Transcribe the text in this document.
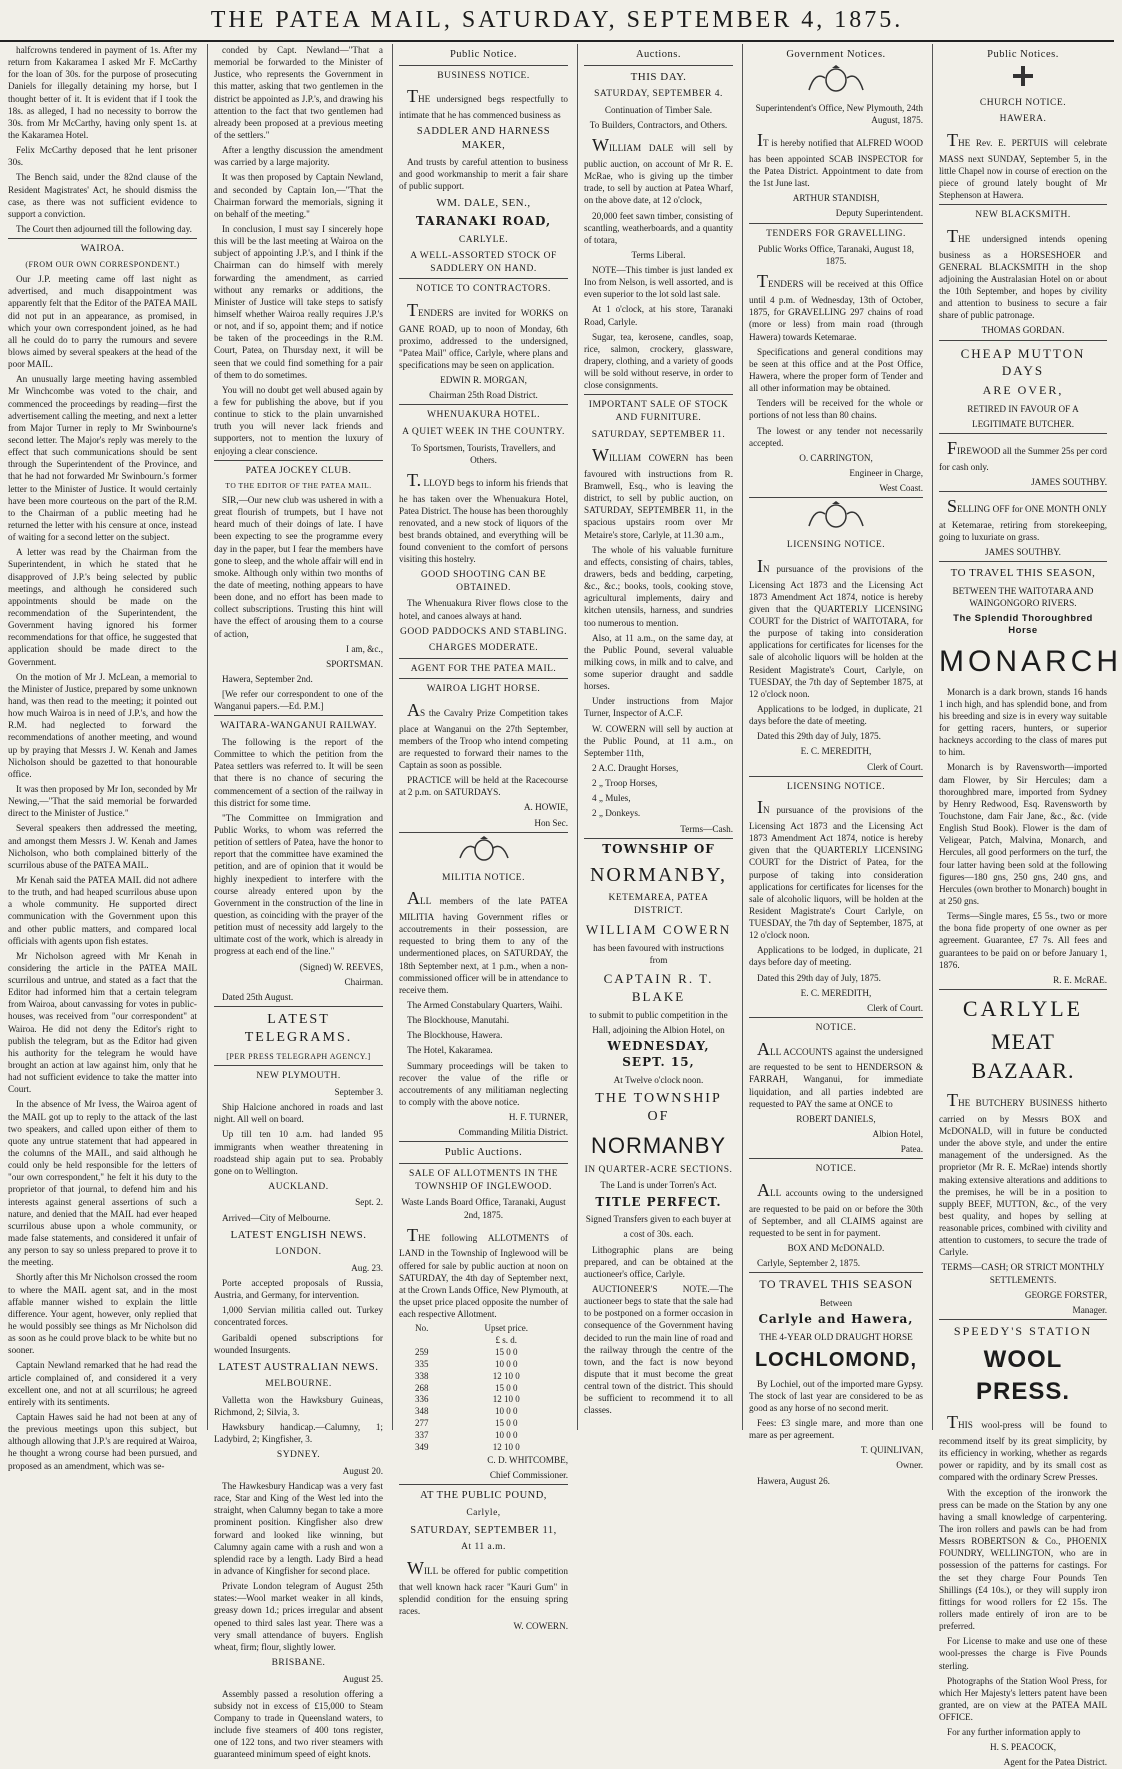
THE PATEA MAIL, SATURDAY, SEPTEMBER 4, 1875.

halfcrowns tendered in payment of 1s. After my return from Kakaramea I asked Mr F. McCarthy for the loan of 30s. for the purpose of prosecuting Daniels for illegally detaining my horse, but I thought better of it. It is evident that if I took the 18s. as alleged, I had no necessity to borrow the 30s. from Mr McCarthy, having only spent 1s. at the Kakaramea Hotel.

Felix McCarthy deposed that he lent prisoner 30s.

The Bench said, under the 82nd clause of the Resident Magistrates' Act, he should dismiss the case, as there was not sufficient evidence to support a conviction.

The Court then adjourned till the following day.

WAIROA.
(FROM OUR OWN CORRESPONDENT.)

Our J.P. meeting came off last night as advertised, and much disappointment was apparently felt that the Editor of the PATEA MAIL did not put in an appearance, as promised, in which your own correspondent joined, as he had all he could do to parry the rumours and severe blows aimed by several speakers at the head of the poor MAIL.

An unusually large meeting having assembled Mr Winchcombe was voted to the chair, and commenced the proceedings by reading—first the advertisement calling the meeting, and next a letter from Major Turner in reply to Mr Swinbourne's second letter. The Major's reply was merely to the effect that such communications should be sent through the Superintendent of the Province, and that he had not forwarded Mr Swinbourn.'s former letter to the Minister of Justice. It would certainly have been more courteous on the part of the R.M. to the Chairman of a public meeting had he returned the letter with his censure at once, instead of waiting for a second letter on the subject.

A letter was read by the Chairman from the Superintendent, in which he stated that he disapproved of J.P.'s being selected by public meetings, and although he considered such appointments should be made on the recommendation of the Superintendent, the Government having ignored his former recommendations for that office, he suggested that application should be made direct to the Government.

On the motion of Mr J. McLean, a memorial to the Minister of Justice, prepared by some unknown hand, was then read to the meeting; it pointed out how much Wairoa is in need of J.P.'s, and how the R.M. had neglected to forward the recommendations of another meeting, and wound up by praying that Messrs J. W. Kenah and James Nicholson should be gazetted to that honourable office.

It was then proposed by Mr Ion, seconded by Mr Newing,—"That the said memorial be forwarded direct to the Minister of Justice."

Several speakers then addressed the meeting, and amongst them Messrs J. W. Kenah and James Nicholson, who both complained bitterly of the scurrilous abuse of the PATEA MAIL.

Mr Kenah said the PATEA MAIL did not adhere to the truth, and had heaped scurrilous abuse upon a whole community. He supported direct communication with the Government upon this and other public matters, and compared local officials with agents upon fish estates.

Mr Nicholson agreed with Mr Kenah in considering the article in the PATEA MAIL scurrilous and untrue, and stated as a fact that the Editor had informed him that a certain telegram from Wairoa, about canvassing for votes in public-houses, was received from "our correspondent" at Wairoa. He did not deny the Editor's right to publish the telegram, but as the Editor had given his authority for the telegram he would have brought an action at law against him, only that he had not sufficient evidence to take the matter into Court.

In the absence of Mr Ivess, the Wairoa agent of the MAIL got up to reply to the attack of the last two speakers, and called upon either of them to quote any untrue statement that had appeared in the columns of the MAIL, and said although he could only be held responsible for the letters of "our own correspondent," he felt it his duty to the proprietor of that journal, to defend him and his interests against general assertions of such a nature, and denied that the MAIL had ever heaped scurrilous abuse upon a whole community, or made false statements, and considered it unfair of any person to say so unless prepared to prove it to the meeting.

Shortly after this Mr Nicholson crossed the room to where the MAIL agent sat, and in the most affable manner wished to explain the little difference. Your agent, however, only replied that he would possibly see things as Mr Nicholson did as soon as he could prove black to be white but no sooner.

Captain Newland remarked that he had read the article complained of, and considered it a very excellent one, and not at all scurrilous; he agreed entirely with its sentiments.

Captain Hawes said he had not been at any of the previous meetings upon this subject, but although allowing that J.P.'s are required at Wairoa, he thought a wrong course had been pursued, and proposed as an amendment, which was se-

conded by Capt. Newland—"That a memorial be forwarded to the Minister of Justice, who represents the Government in this matter, asking that two gentlemen in the district be appointed as J.P.'s, and drawing his attention to the fact that two gentlemen had already been proposed at a previous meeting of the settlers."

After a lengthy discussion the amendment was carried by a large majority.

It was then proposed by Captain Newland, and seconded by Captain Ion,—"That the Chairman forward the memorials, signing it on behalf of the meeting."

In conclusion, I must say I sincerely hope this will be the last meeting at Wairoa on the subject of appointing J.P.'s, and I think if the Chairman can do himself with merely forwarding the amendment, as carried without any remarks or additions, the Minister of Justice will take steps to satisfy himself whether Wairoa really requires J.P.'s or not, and if so, appoint them; and if notice be taken of the proceedings in the R.M. Court, Patea, on Thursday next, it will be seen that we could find something for a pair of them to do sometimes.

You will no doubt get well abused again by a few for publishing the above, but if you continue to stick to the plain unvarnished truth you will never lack friends and supporters, not to mention the luxury of enjoying a clear conscience.

PATEA JOCKEY CLUB.
TO THE EDITOR OF THE PATEA MAIL.

SIR,—Our new club was ushered in with a great flourish of trumpets, but I have not heard much of their doings of late. I have been expecting to see the programme every day in the paper, but I fear the members have gone to sleep, and the whole affair will end in smoke. Although only within two months of the date of meeting, nothing appears to have been done, and no effort has been made to collect subscriptions. Trusting this hint will have the effect of arousing them to a course of action,

I am, &c.,

SPORTSMAN.

Hawera, September 2nd.

[We refer our correspondent to one of the Wanganui papers.—Ed. P.M.]

WAITARA-WANGANUI RAILWAY.

The following is the report of the Committee to which the petition from the Patea settlers was referred to. It will be seen that there is no chance of securing the commencement of a section of the railway in this district for some time.

"The Committee on Immigration and Public Works, to whom was referred the petition of settlers of Patea, have the honor to report that the committee have examined the petition, and are of opinion that it would be highly inexpedient to interfere with the course already entered upon by the Government in the construction of the line in question, as coinciding with the prayer of the petition must of necessity add largely to the ultimate cost of the work, which is already in progress at each end of the line."

(Signed) W. REEVES,

Chairman.

Dated 25th August.

LATEST TELEGRAMS.
[PER PRESS TELEGRAPH AGENCY.]
NEW PLYMOUTH.

September 3.

Ship Halcione anchored in roads and last night. All well on board.

Up till ten 10 a.m. had landed 95 immigrants when weather threatening in roadstead ship again put to sea. Probably gone on to Wellington.

AUCKLAND.

Sept. 2.

Arrived—City of Melbourne.

LATEST ENGLISH NEWS.
LONDON.

Aug. 23.

Porte accepted proposals of Russia, Austria, and Germany, for intervention.

1,000 Servian militia called out. Turkey concentrated forces.

Garibaldi opened subscriptions for wounded Insurgents.

LATEST AUSTRALIAN NEWS.
MELBOURNE.

Valletta won the Hawksbury Guineas, Richmond, 2; Silvia, 3.

Hawksbury handicap.—Calumny, 1; Ladybird, 2; Kingfisher, 3.

SYDNEY.

August 20.

The Hawkesbury Handicap was a very fast race, Star and King of the West led into the straight, when Calumny began to take a more prominent position. Kingfisher also drew forward and looked like winning, but Calumny again came with a rush and won a splendid race by a length. Lady Bird a head in advance of Kingfisher for second place.

Private London telegram of August 25th states:—Wool market weaker in all kinds, greasy down 1d.; prices irregular and absent opened to third sales last year. There was a very small attendance of buyers. English wheat, firm; flour, slightly lower.

BRISBANE.

August 25.

Assembly passed a resolution offering a subsidy not in excess of £15,000 to Steam Company to trade in Queensland waters, to include five steamers of 400 tons register, one of 122 tons, and two river steamers with guaranteed minimum speed of eight knots.

Public Notice.
BUSINESS NOTICE.

THE undersigned begs respectfully to intimate that he has commenced business as

SADDLER AND HARNESS MAKER,

And trusts by careful attention to business and good workmanship to merit a fair share of public support.

WM. DALE, SEN.,
TARANAKI ROAD,
CARLYLE.
A WELL-ASSORTED STOCK OF SADDLERY ON HAND.
NOTICE TO CONTRACTORS.

TENDERS are invited for WORKS on GANE ROAD, up to noon of Monday, 6th proximo, addressed to the undersigned, "Patea Mail" office, Carlyle, where plans and specifications may be seen on application.

EDWIN R. MORGAN,

Chairman 25th Road District.

WHENUAKURA HOTEL.
A QUIET WEEK IN THE COUNTRY.

To Sportsmen, Tourists, Travellers, and Others.

T. LLOYD begs to inform his friends that he has taken over the Whenuakura Hotel, Patea District. The house has been thoroughly renovated, and a new stock of liquors of the best brands obtained, and everything will be found convenient to the comfort of persons visiting this hostelry.

GOOD SHOOTING CAN BE OBTAINED.

The Whenuakura River flows close to the hotel, and canoes always at hand.

GOOD PADDOCKS AND STABLING.
CHARGES MODERATE.
AGENT FOR THE PATEA MAIL.
WAIROA LIGHT HORSE.

AS the Cavalry Prize Competition takes place at Wanganui on the 27th September, members of the Troop who intend competing are requested to forward their names to the Captain as soon as possible.

PRACTICE will be held at the Racecourse at 2 p.m. on SATURDAYS.

A. HOWIE,

Hon Sec.

MILITIA NOTICE.

ALL members of the late PATEA MILITIA having Government rifles or accoutrements in their possession, are requested to bring them to any of the undermentioned places, on SATURDAY, the 18th September next, at 1 p.m., when a non-commissioned officer will be in attendance to receive them.

The Armed Constabulary Quarters, Waihi.

The Blockhouse, Manutahi.

The Blockhouse, Hawera.

The Hotel, Kakaramea.

Summary proceedings will be taken to recover the value of the rifle or accoutrements of any militiaman neglecting to comply with the above notice.

H. F. TURNER,

Commanding Militia District.

Public Auctions.
SALE OF ALLOTMENTS IN THE TOWNSHIP OF INGLEWOOD.

Waste Lands Board Office, Taranaki, August 2nd, 1875.

THE following ALLOTMENTS of LAND in the Township of Inglewood will be offered for sale by public auction at noon on SATURDAY, the 4th day of September next, at the Crown Lands Office, New Plymouth, at the upset price placed opposite the number of each respective Allotment.

No.	Upset price.
	£ s. d.
259	15 0 0
335	10 0 0
338	12 10 0
268	15 0 0
336	12 10 0
348	10 0 0
277	15 0 0
337	10 0 0
349	12 10 0

C. D. WHITCOMBE,

Chief Commissioner.

AT THE PUBLIC POUND,
Carlyle,
SATURDAY, SEPTEMBER 11,
At 11 a.m.

WILL be offered for public competition that well known hack racer "Kauri Gum" in splendid condition for the ensuing spring races.

W. COWERN.

Auctions.
THIS DAY.
SATURDAY, SEPTEMBER 4.

Continuation of Timber Sale.

To Builders, Contractors, and Others.

WILLIAM DALE will sell by public auction, on account of Mr R. E. McRae, who is giving up the timber trade, to sell by auction at Patea Wharf, on the above date, at 12 o'clock,

20,000 feet sawn timber, consisting of scantling, weatherboards, and a quantity of totara,

Terms Liberal.

NOTE—This timber is just landed ex Ino from Nelson, is well assorted, and is even superior to the lot sold last sale.

At 1 o'clock, at his store, Taranaki Road, Carlyle.

Sugar, tea, kerosene, candles, soap, rice, salmon, crockery, glassware, drapery, clothing, and a variety of goods will be sold without reserve, in order to close consignments.

IMPORTANT SALE OF STOCK AND FURNITURE.
SATURDAY, SEPTEMBER 11.

WILLIAM COWERN has been favoured with instructions from R. Bramwell, Esq., who is leaving the district, to sell by public auction, on SATURDAY, SEPTEMBER 11, in the spacious upstairs room over Mr Metaire's store, Carlyle, at 11.30 a.m.,

The whole of his valuable furniture and effects, consisting of chairs, tables, drawers, beds and bedding, carpeting, &c., &c.; books, tools, cooking stove, agricultural implements, dairy and kitchen utensils, harness, and sundries too numerous to mention.

Also, at 11 a.m., on the same day, at the Public Pound, several valuable milking cows, in milk and to calve, and some superior draught and saddle horses.

Under instructions from Major Turner, Inspector of A.C.F.

W. COWERN will sell by auction at the Public Pound, at 11 a.m., on September 11th,

2 A.C. Draught Horses,

2 „ Troop Horses,

4 „ Mules,

2 „ Donkeys.

Terms—Cash.

TOWNSHIP OF
NORMANBY,
KETEMAREA, PATEA DISTRICT.
WILLIAM COWERN

has been favoured with instructions from

CAPTAIN R. T. BLAKE

to submit to public competition in the

Hall, adjoining the Albion Hotel, on

WEDNESDAY, SEPT. 15,

At Twelve o'clock noon.

THE TOWNSHIP OF
NORMANBY
IN QUARTER-ACRE SECTIONS.

The Land is under Torren's Act.

TITLE PERFECT.

Signed Transfers given to each buyer at

a cost of 30s. each.

Lithographic plans are being prepared, and can be obtained at the auctioneer's office, Carlyle.

AUCTIONEER'S NOTE.—The auctioneer begs to state that the sale had to be postponed on a former occasion in consequence of the Government having decided to run the main line of road and the railway through the centre of the town, and the fact is now beyond dispute that it must become the great central town of the district. This should be sufficient to recommend it to all classes.

Government Notices.

Superintendent's Office, New Plymouth, 24th August, 1875.

IT is hereby notified that ALFRED WOOD has been appointed SCAB INSPECTOR for the Patea District. Appointment to date from the 1st June last.

ARTHUR STANDISH,

Deputy Superintendent.

TENDERS FOR GRAVELLING.

Public Works Office, Taranaki, August 18, 1875.

TENDERS will be received at this Office until 4 p.m. of Wednesday, 13th of October, 1875, for GRAVELLING 297 chains of road (more or less) from main road (through Hawera) towards Ketemarae.

Specifications and general conditions may be seen at this office and at the Post Office, Hawera, where the proper form of Tender and all other information may be obtained.

Tenders will be received for the whole or portions of not less than 80 chains.

The lowest or any tender not necessarily accepted.

O. CARRINGTON,

Engineer in Charge,

West Coast.

LICENSING NOTICE.

IN pursuance of the provisions of the Licensing Act 1873 and the Licensing Act 1873 Amendment Act 1874, notice is hereby given that the QUARTERLY LICENSING COURT for the District of WAITOTARA, for the purpose of taking into consideration applications for certificates for licenses for the sale of alcoholic liquors will be holden at the Resident Magistrate's Court, Carlyle, on TUESDAY, the 7th day of September 1875, at 12 o'clock noon.

Applications to be lodged, in duplicate, 21 days before the date of meeting.

Dated this 29th day of July, 1875.

E. C. MEREDITH,

Clerk of Court.

LICENSING NOTICE.

IN pursuance of the provisions of the Licensing Act 1873 and the Licensing Act 1873 Amendment Act 1874, notice is hereby given that the QUARTERLY LICENSING COURT for the District of Patea, for the purpose of taking into consideration applications for certificates for licenses for the sale of alcoholic liquors, will be holden at the Resident Magistrate's Court Carlyle, on TUESDAY, the 7th day of September, 1875, at 12 o'clock noon.

Applications to be lodged, in duplicate, 21 days before day of meeting.

Dated this 29th day of July, 1875.

E. C. MEREDITH,

Clerk of Court.

NOTICE.

ALL ACCOUNTS against the undersigned are requested to be sent to HENDERSON & FARRAH, Wanganui, for immediate liquidation, and all parties indebted are requested to PAY the same at ONCE to

ROBERT DANIELS,

Albion Hotel,

Patea.

NOTICE.

ALL accounts owing to the undersigned are requested to be paid on or before the 30th of September, and all CLAIMS against are requested to be sent in for payment.

BOX AND McDONALD.

Carlyle, September 2, 1875.

TO TRAVEL THIS SEASON

Between

Carlyle and Hawera,

THE 4-YEAR OLD DRAUGHT HORSE

LOCHLOMOND,

By Lochiel, out of the imported mare Gypsy. The stock of last year are considered to be as good as any horse of no second merit.

Fees: £3 single mare, and more than one mare as per agreement.

T. QUINLIVAN,

Owner.

Hawera, August 26.

Public Notices.
CHURCH NOTICE.
HAWERA.

THE Rev. E. PERTUIS will celebrate MASS next SUNDAY, September 5, in the little Chapel now in course of erection on the piece of ground lately bought of Mr Stephenson at Hawera.

NEW BLACKSMITH.

THE undersigned intends opening business as a HORSESHOER and GENERAL BLACKSMITH in the shop adjoining the Australasian Hotel on or about the 10th September, and hopes by civility and attention to business to secure a fair share of public patronage.

THOMAS GORDAN.

CHEAP MUTTON DAYS
ARE OVER,

RETIRED IN FAVOUR OF A

LEGITIMATE BUTCHER.

FIREWOOD all the Summer 25s per cord for cash only.

JAMES SOUTHBY.

SELLING OFF for ONE MONTH ONLY at Ketemarae, retiring from storekeeping, going to luxuriate on grass.

JAMES SOUTHBY.

TO TRAVEL THIS SEASON,

BETWEEN THE WAITOTARA AND WAINGONGORO RIVERS.

The Splendid Thoroughbred Horse
MONARCH

Monarch is a dark brown, stands 16 hands 1 inch high, and has splendid bone, and from his breeding and size is in every way suitable for getting racers, hunters, or superior hackneys according to the class of mares put to him.

Monarch is by Ravensworth—imported dam Flower, by Sir Hercules; dam a thoroughbred mare, imported from Sydney by Henry Redwood, Esq. Ravensworth by Touchstone, dam Fair Jane, &c., &c. (vide English Stud Book). Flower is the dam of Veligear, Patch, Malvina, Monarch, and Hercules, all good performers on the turf, the four latter having been sold at the following figures—180 gns, 250 gns, 240 gns, and Hercules (own brother to Monarch) bought in at 250 gns.

Terms—Single mares, £5 5s., two or more the bona fide property of one owner as per agreement. Guarantee, £7 7s. All fees and guarantees to be paid on or before January 1, 1876.

R. E. McRAE.

CARLYLE
MEAT BAZAAR.

THE BUTCHERY BUSINESS hitherto carried on by Messrs BOX and McDONALD, will in future be conducted under the above style, and under the entire management of the undersigned. As the proprietor (Mr R. E. McRae) intends shortly making extensive alterations and additions to the premises, he will be in a position to supply BEEF, MUTTON, &c., of the very best quality, and hopes by selling at reasonable prices, combined with civility and attention to customers, to secure the trade of Carlyle.

TERMS—CASH; OR STRICT MONTHLY SETTLEMENTS.

GEORGE FORSTER,

Manager.

SPEEDY'S STATION
WOOL PRESS.

THIS wool-press will be found to recommend itself by its great simplicity, by its efficiency in working, whether as regards power or rapidity, and by its small cost as compared with the ordinary Screw Presses.

With the exception of the ironwork the press can be made on the Station by any one having a small knowledge of carpentering. The iron rollers and pawls can be had from Messrs ROBERTSON & Co., PHOENIX FOUNDRY, WELLINGTON, who are in possession of the patterns for castings. For the set they charge Four Pounds Ten Shillings (£4 10s.), or they will supply iron fittings for wood rollers for £2 15s. The rollers made entirely of iron are to be preferred.

For License to make and use one of these wool-presses the charge is Five Pounds sterling.

Photographs of the Station Wool Press, for which Her Majesty's letters patent have been granted, are on view at the PATEA MAIL OFFICE.

For any further information apply to

H. S. PEACOCK,

Agent for the Patea District.
